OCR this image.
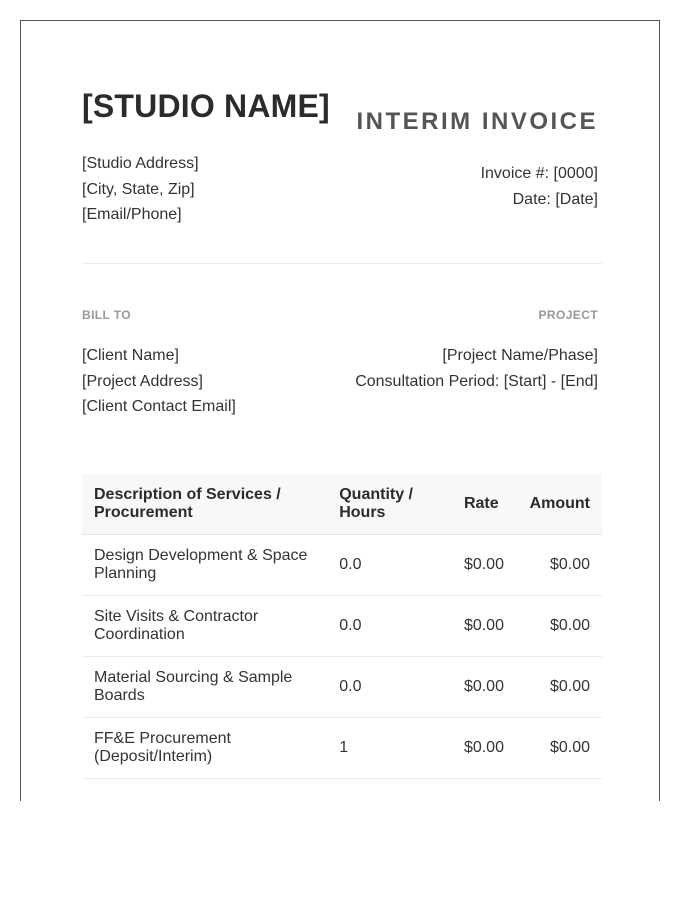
[STUDIO NAME] INTERIM INVOICE
[Studio Address]
[City, State, Zip]
[Email/Phone]
Invoice #: [0000]
Date: [Date]
BILL TO	PROJECT
[Client Name]
[Project Address]
[Client Contact Email]
[Project Name/Phase]
Consultation Period: [Start] - [End]
Description of Services / Procurement	Quantity / Hours	Rate	Amount
Design Development & Space Planning	0.0	$0.00	$0.00
Site Visits & Contractor Coordination	0.0	$0.00	$0.00
Material Sourcing & Sample Boards	0.0	$0.00	$0.00
FF&E Procurement (Deposit/Interim)	1	$0.00	$0.00
